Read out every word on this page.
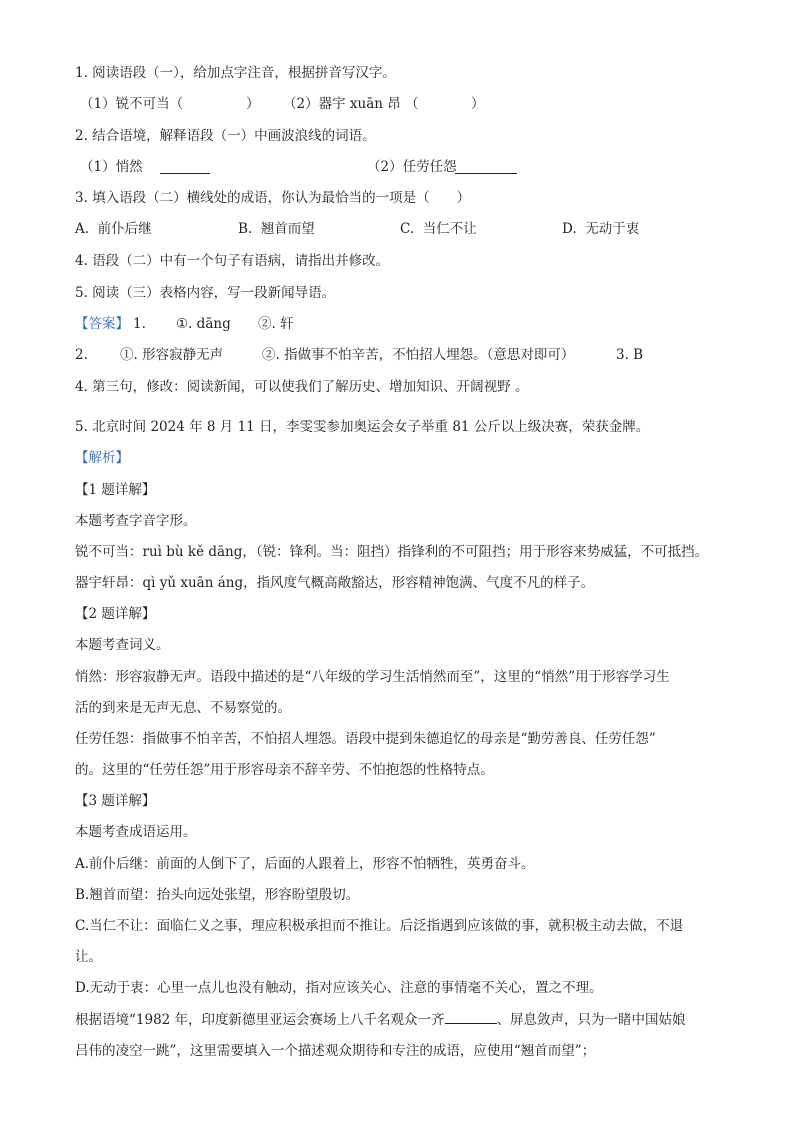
1. 阅读语段（一），给加点字注音，根据拼音写汉字。
（1）锐不可当（	） （2）器宇 xuān 昂 （	）
2. 结合语境，解释语段（一）中画波浪线的词语。
（1）悄然	（2）任劳任怨
3. 填入语段（二）横线处的成语，你认为最恰当的一项是（　　）
A.  前仆后继	B.  翘首而望	C.  当仁不让	D.  无动于衷
4. 语段（二）中有一个句子有语病，请指出并修改。
5. 阅读（三）表格内容，写一段新闻导语。
【答案】 1. ①. dāng ②. 轩
2. ①. 形容寂静无声	②. 指做事不怕辛苦，不怕招人埋怨。（意思对即可）	3. B
4. 第三句，修改：阅读新闻，可以使我们了解历史、增加知识、开阔视野 。
5. 北京时间 2024 年 8 月 11 日，李雯雯参加奥运会女子举重 81 公斤以上级决赛，荣获金牌。
【解析】
【1 题详解】
本题考查字音字形。
锐不可当：ruì bù kě dāng，（锐：锋利。当：阻挡）指锋利的不可阻挡；用于形容来势威猛，不可抵挡。
器宇轩昂：qì yǔ xuān áng，指风度气概高敞豁达，形容精神饱满、气度不凡的样子。
【2 题详解】
本题考查词义。
悄然：形容寂静无声。语段中描述的是“八年级的学习生活悄然而至”，这里的“悄然”用于形容学习生
活的到来是无声无息、不易察觉的。
任劳任怨：指做事不怕辛苦，不怕招人埋怨。语段中提到朱德追忆的母亲是“勤劳善良、任劳任怨”
的。这里的“任劳任怨”用于形容母亲不辞辛劳、不怕抱怨的性格特点。
【3 题详解】
本题考查成语运用。
A.前仆后继：前面的人倒下了，后面的人跟着上，形容不怕牺牲，英勇奋斗。
B.翘首而望：抬头向远处张望，形容盼望殷切。
C.当仁不让：面临仁义之事，理应积极承担而不推让。后泛指遇到应该做的事，就积极主动去做，不退
让。
D.无动于衷：心里一点儿也没有触动，指对应该关心、注意的事情毫不关心，置之不理。
根据语境“1982 年，印度新德里亚运会赛场上八千名观众一齐	、屏息敛声，只为一睹中国姑娘
吕伟的凌空一跳”，这里需要填入一个描述观众期待和专注的成语，应使用“翘首而望”；
